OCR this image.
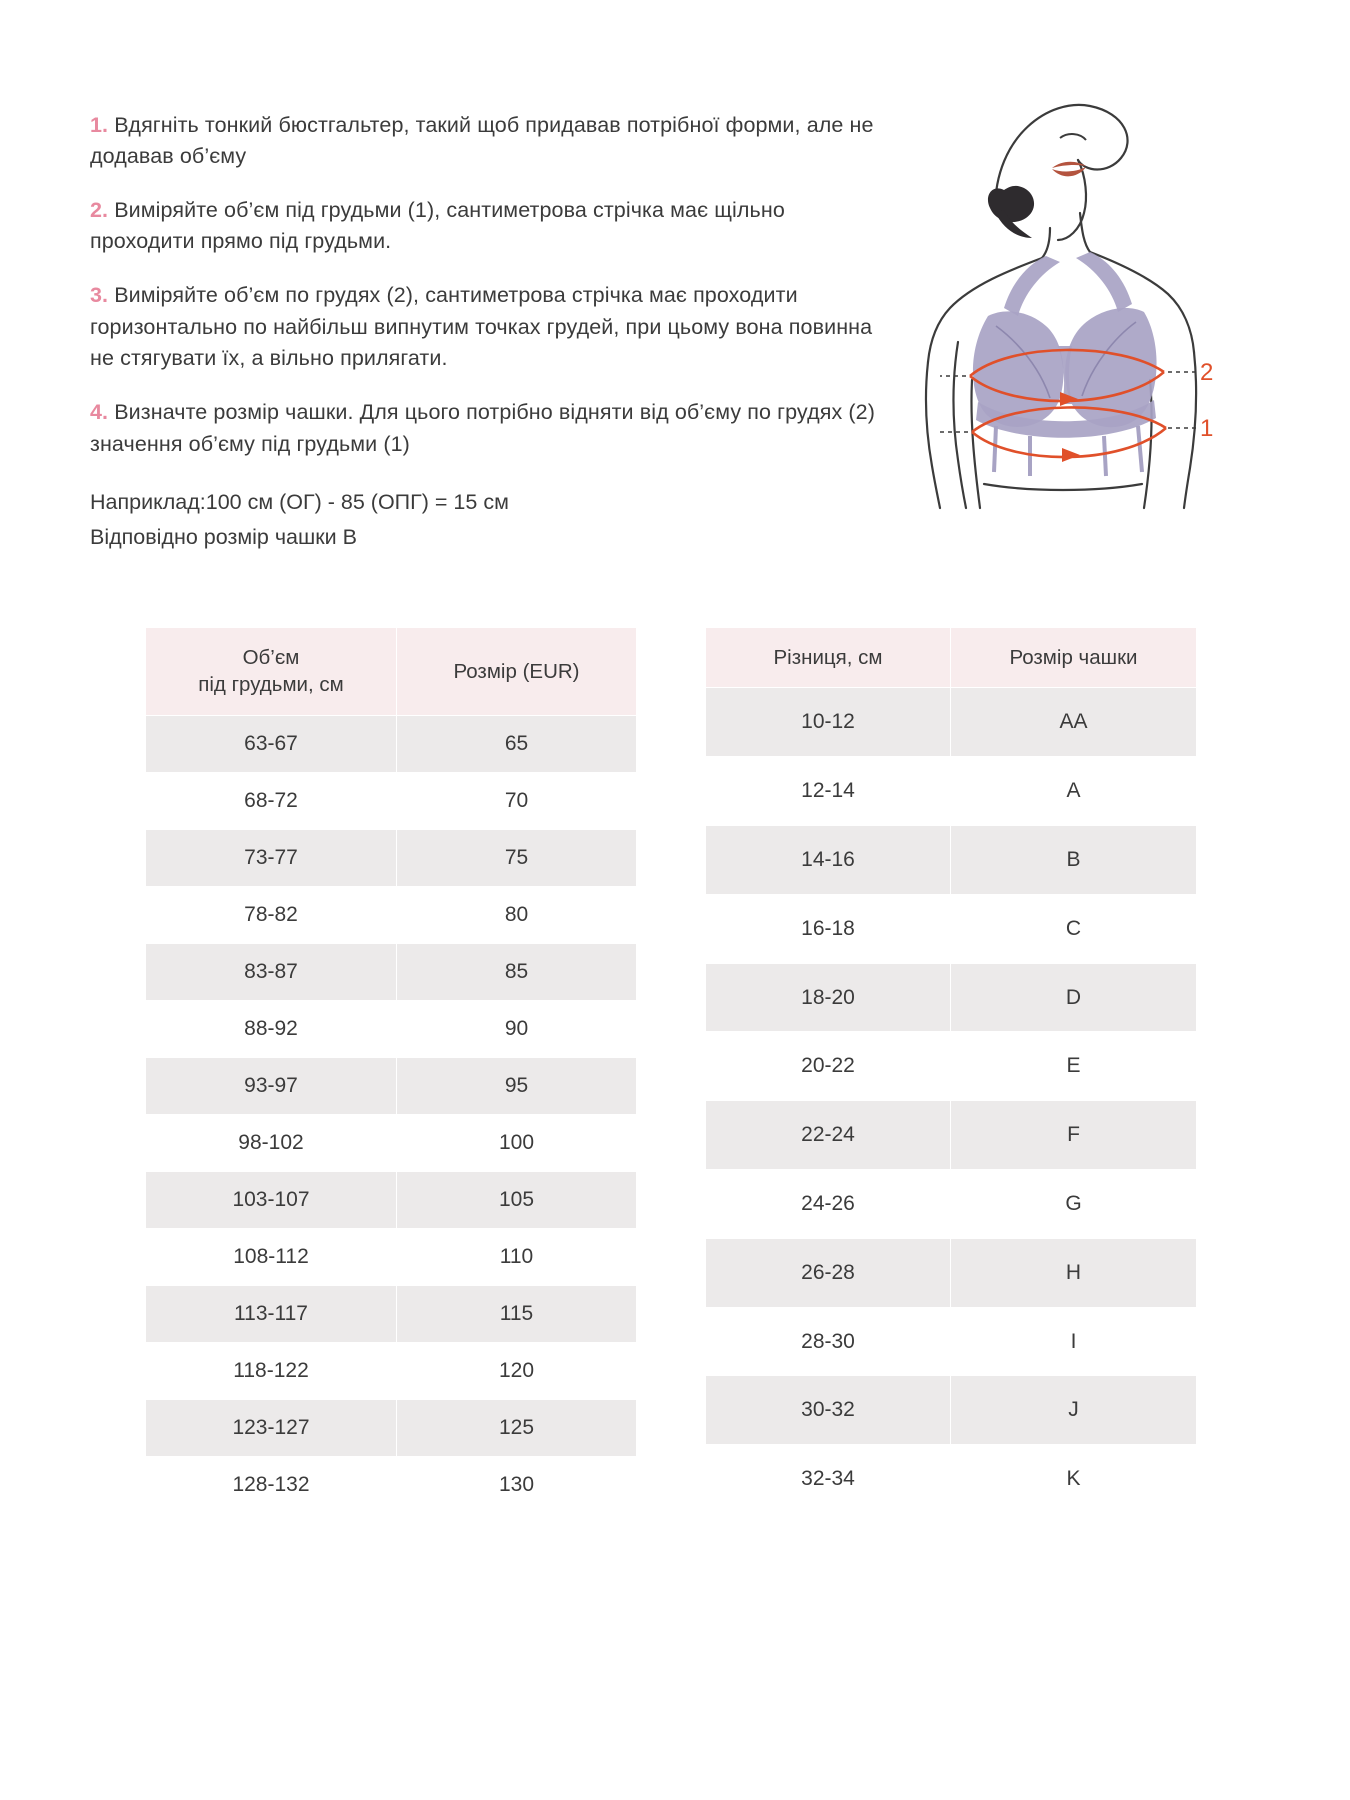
1. Вдягніть тонкий бюстгальтер, такий щоб придавав потрібної форми, але не додавав об’єму

2. Виміряйте об’єм під грудьми (1), сантиметрова стрічка має щільно проходити прямо під грудьми.

3. Виміряйте об’єм по грудях (2), сантиметрова стрічка має проходити горизонтально по найбільш випнутим точках грудей, при цьому вона повинна не стягувати їх, а вільно прилягати.

4. Визначте розмір чашки. Для цього потрібно відняти від об’єму по грудях (2) значення об’єму під грудьми (1)

Наприклад:100 см (ОГ) - 85 (ОПГ) = 15 см
Відповідно розмір чашки B
2
1
Об’єм
під грудьми, см	Розмір (EUR)
63-67	65
68-72	70
73-77	75
78-82	80
83-87	85
88-92	90
93-97	95
98-102	100
103-107	105
108-112	110
113-117	115
118-122	120
123-127	125
128-132	130
Різниця, см	Розмір чашки
10-12	AA
12-14	A
14-16	B
16-18	C
18-20	D
20-22	E
22-24	F
24-26	G
26-28	H
28-30	I
30-32	J
32-34	K
